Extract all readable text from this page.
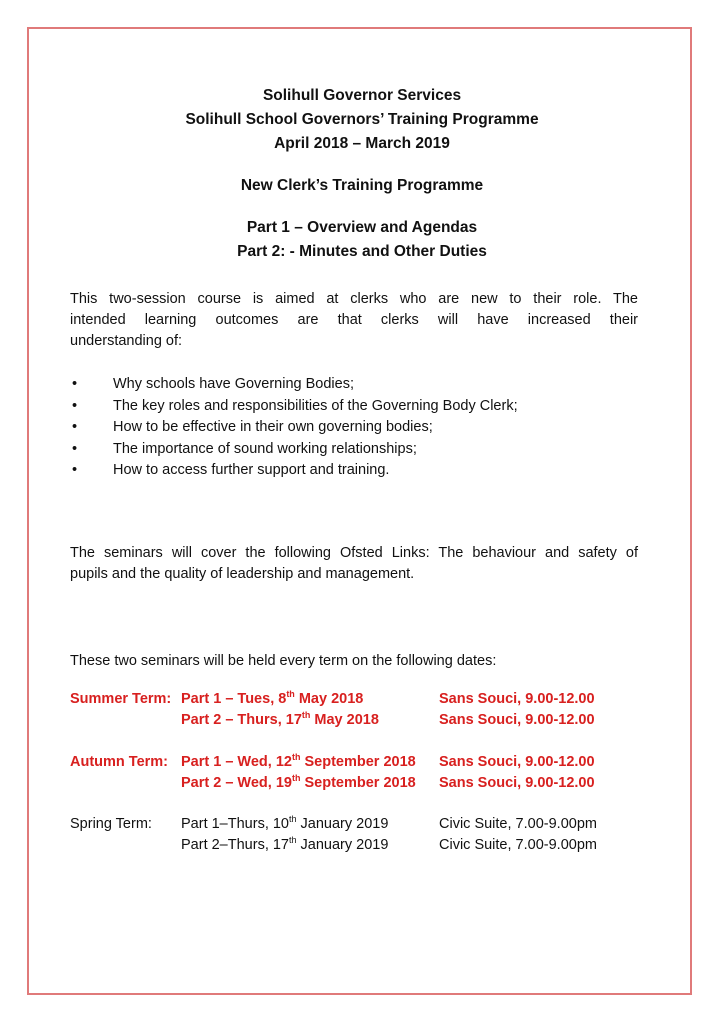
Solihull Governor Services
Solihull School Governors’ Training Programme
April 2018 – March 2019
New Clerk’s Training Programme
Part 1 – Overview and Agendas
Part 2: - Minutes and Other Duties
This two-session course is aimed at clerks who are new to their role. The
intended learning outcomes are that clerks will have increased their
understanding of:
• Why schools have Governing Bodies;
• The key roles and responsibilities of the Governing Body Clerk;
• How to be effective in their own governing bodies;
• The importance of sound working relationships;
• How to access further support and training.
The seminars will cover the following Ofsted Links: The behaviour and safety of
pupils and the quality of leadership and management.
These two seminars will be held every term on the following dates:
Summer Term: Part 1 – Tues, 8th May 2018	Sans Souci, 9.00-12.00
Part 2 – Thurs, 17th May 2018	Sans Souci, 9.00-12.00
Autumn Term: Part 1 – Wed, 12th September 2018 Sans Souci, 9.00-12.00
Part 2 – Wed, 19th September 2018 Sans Souci, 9.00-12.00
Spring Term: Part 1–Thurs, 10th January 2019	Civic Suite, 7.00-9.00pm
Part 2–Thurs, 17th January 2019	Civic Suite, 7.00-9.00pm
